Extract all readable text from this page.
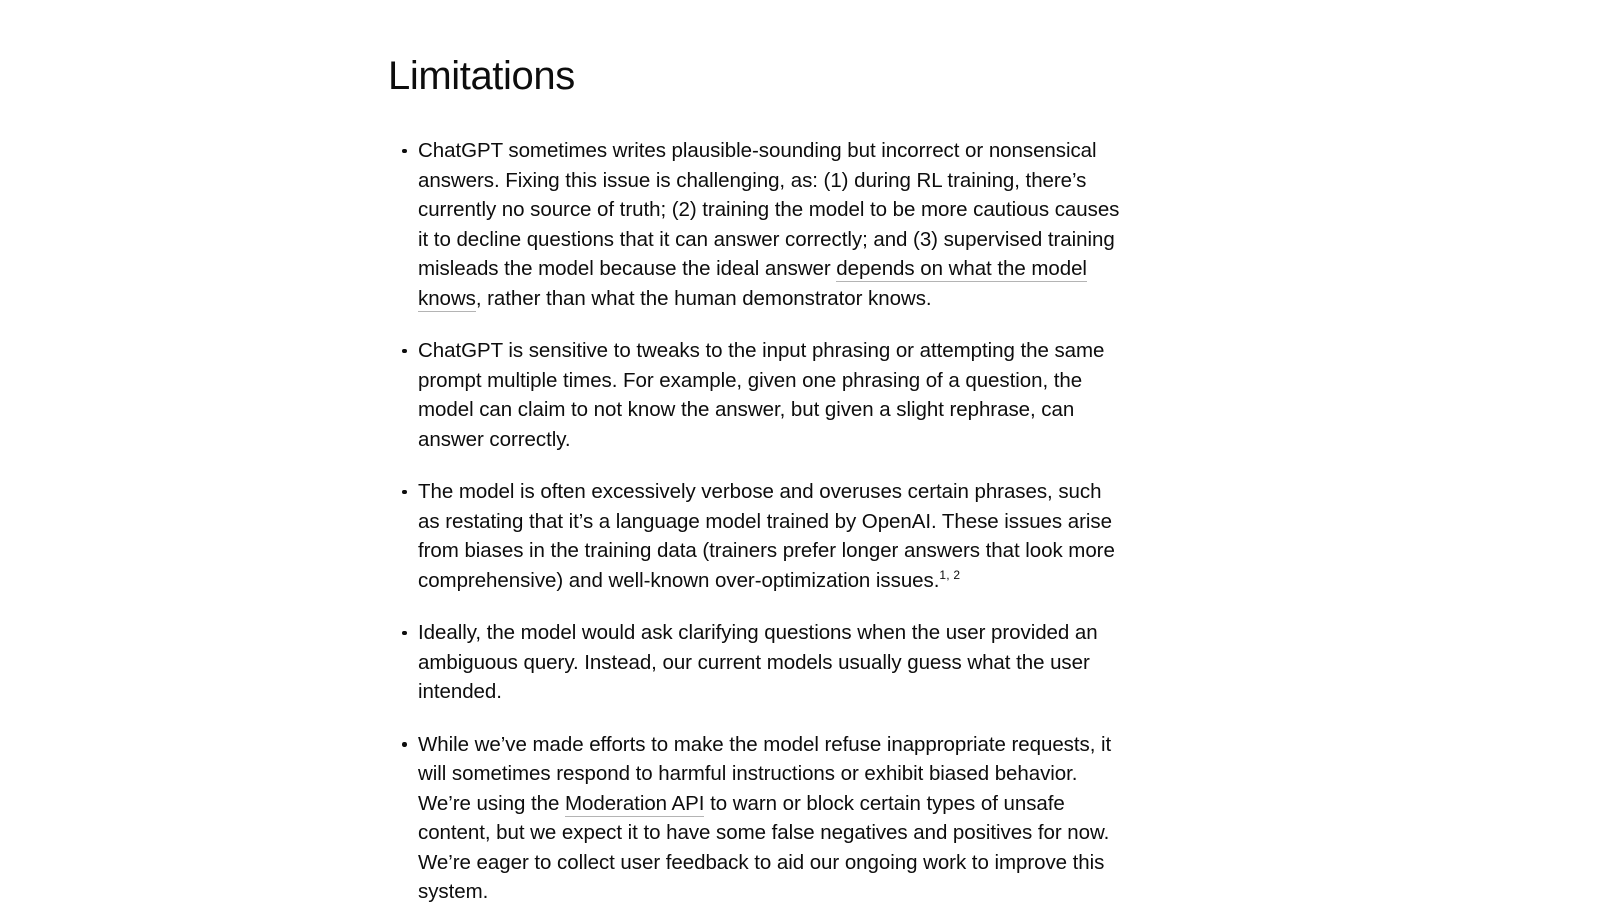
Limitations
ChatGPT sometimes writes plausible-sounding but incorrect or nonsensical answers. Fixing this issue is challenging, as: (1) during RL training, there’s currently no source of truth; (2) training the model to be more cautious causes it to decline questions that it can answer correctly; and (3) supervised training misleads the model because the ideal answer depends on what the model knows, rather than what the human demonstrator knows.
ChatGPT is sensitive to tweaks to the input phrasing or attempting the same prompt multiple times. For example, given one phrasing of a question, the model can claim to not know the answer, but given a slight rephrase, can answer correctly.
The model is often excessively verbose and overuses certain phrases, such as restating that it’s a language model trained by OpenAI. These issues arise from biases in the training data (trainers prefer longer answers that look more comprehensive) and well-known over-optimization issues.$^{1, 2}$
Ideally, the model would ask clarifying questions when the user provided an ambiguous query. Instead, our current models usually guess what the user intended.
While we’ve made efforts to make the model refuse inappropriate requests, it will sometimes respond to harmful instructions or exhibit biased behavior. We’re using the Moderation API to warn or block certain types of unsafe content, but we expect it to have some false negatives and positives for now. We’re eager to collect user feedback to aid our ongoing work to improve this system.
